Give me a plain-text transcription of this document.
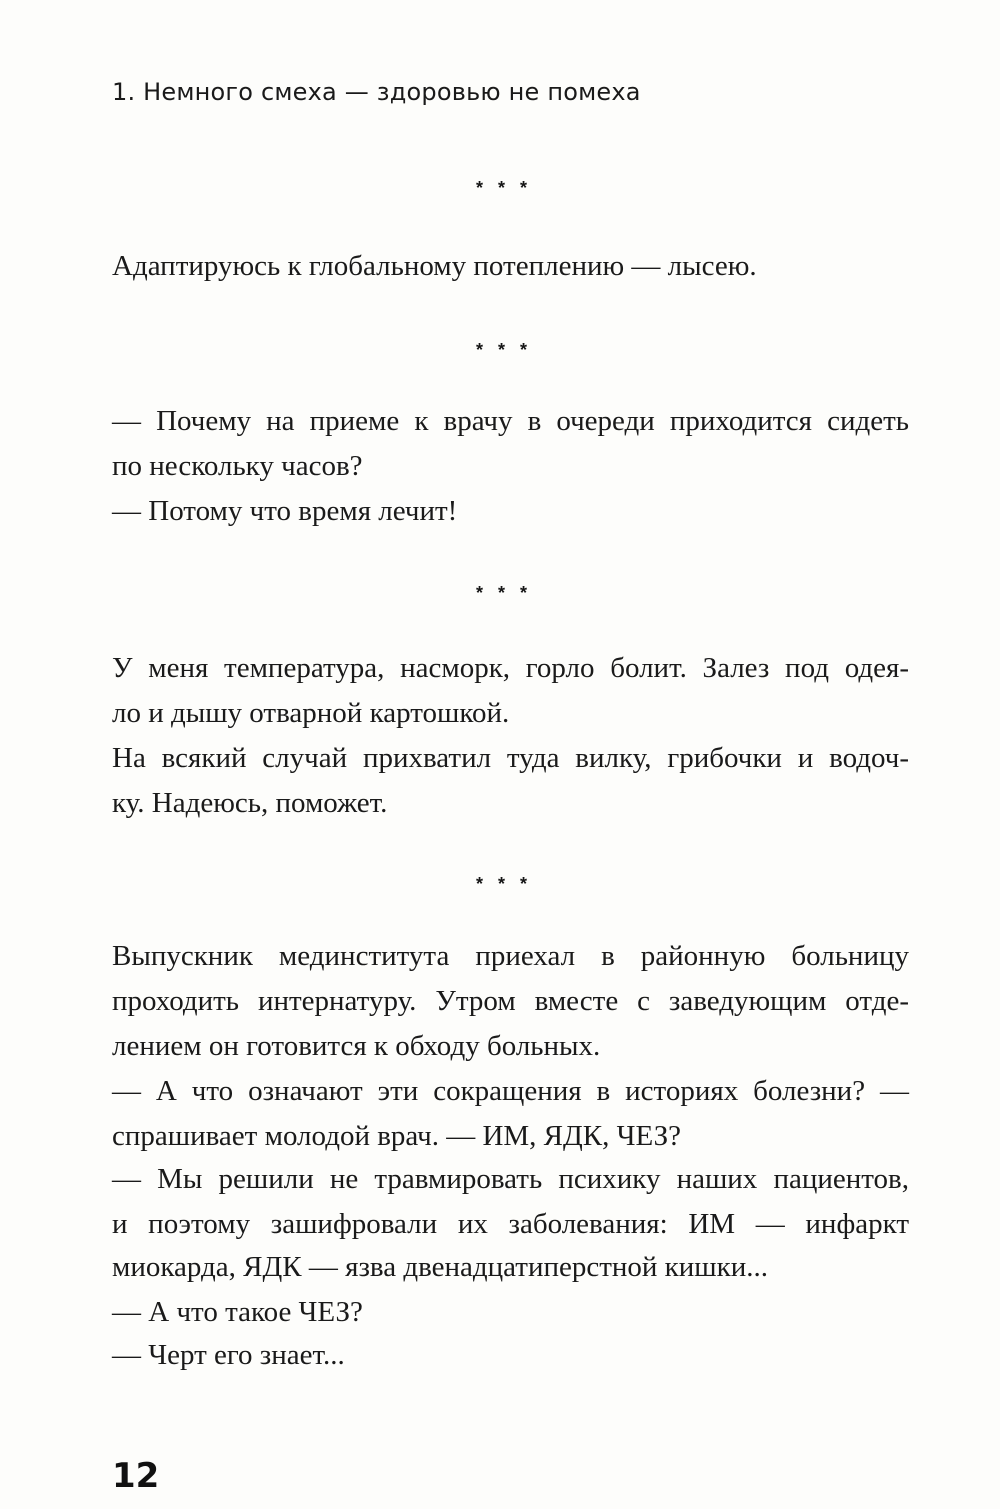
1. Немного смеха — здоровью не помеха
* * *
* * *
* * *
* * *
Адаптируюсь к глобальному потеплению — лысею.
— Почему на приеме к врачу в очереди приходится сидеть
по нескольку часов?
— Потому что время лечит!
У меня температура, насморк, горло болит. Залез под одея-
ло и дышу отварной картошкой.
На всякий случай прихватил туда вилку, грибочки и водоч-
ку. Надеюсь, поможет.
Выпускник мединститута приехал в районную больницу
проходить интернатуру. Утром вместе с заведующим отде-
лением он готовится к обходу больных.
— А что означают эти сокращения в историях болезни? —
спрашивает молодой врач. — ИМ, ЯДК, ЧЕЗ?
— Мы решили не травмировать психику наших пациентов,
и поэтому зашифровали их заболевания: ИМ — инфаркт
миокарда, ЯДК — язва двенадцатиперстной кишки...
— А что такое ЧЕЗ?
— Черт его знает...
12
